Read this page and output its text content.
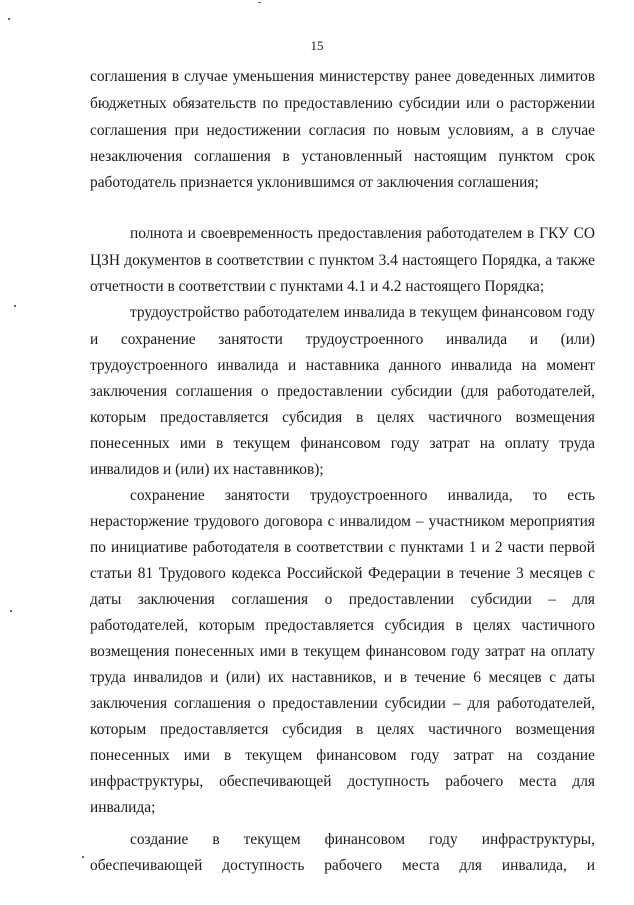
15
соглашения в случае уменьшения министерству ранее доведенных лимитов
бюджетных обязательств по предоставлению субсидии или о расторжении
соглашения при недостижении согласия по новым условиям, а в случае
незаключения соглашения в установленный настоящим пунктом срок
работодатель признается уклонившимся от заключения соглашения;
полнота и своевременность предоставления работодателем в ГКУ СО
ЦЗН документов в соответствии с пунктом 3.4 настоящего Порядка, а также
отчетности в соответствии с пунктами 4.1 и 4.2 настоящего Порядка;
трудоустройство работодателем инвалида в текущем финансовом году
и сохранение занятости трудоустроенного инвалида и (или)
трудоустроенного инвалида и наставника данного инвалида на момент
заключения соглашения о предоставлении субсидии (для работодателей,
которым предоставляется субсидия в целях частичного возмещения
понесенных ими в текущем финансовом году затрат на оплату труда
инвалидов и (или) их наставников);
сохранение занятости трудоустроенного инвалида, то есть
нерасторжение трудового договора с инвалидом – участником мероприятия
по инициативе работодателя в соответствии с пунктами 1 и 2 части первой
статьи 81 Трудового кодекса Российской Федерации в течение 3 месяцев с
даты заключения соглашения о предоставлении субсидии – для
работодателей, которым предоставляется субсидия в целях частичного
возмещения понесенных ими в текущем финансовом году затрат на оплату
труда инвалидов и (или) их наставников, и в течение 6 месяцев с даты
заключения соглашения о предоставлении субсидии – для работодателей,
которым предоставляется субсидия в целях частичного возмещения
понесенных ими в текущем финансовом году затрат на создание
инфраструктуры, обеспечивающей доступность рабочего места для
инвалида;
создание в текущем финансовом году инфраструктуры,
обеспечивающей доступность рабочего места для инвалида, и
